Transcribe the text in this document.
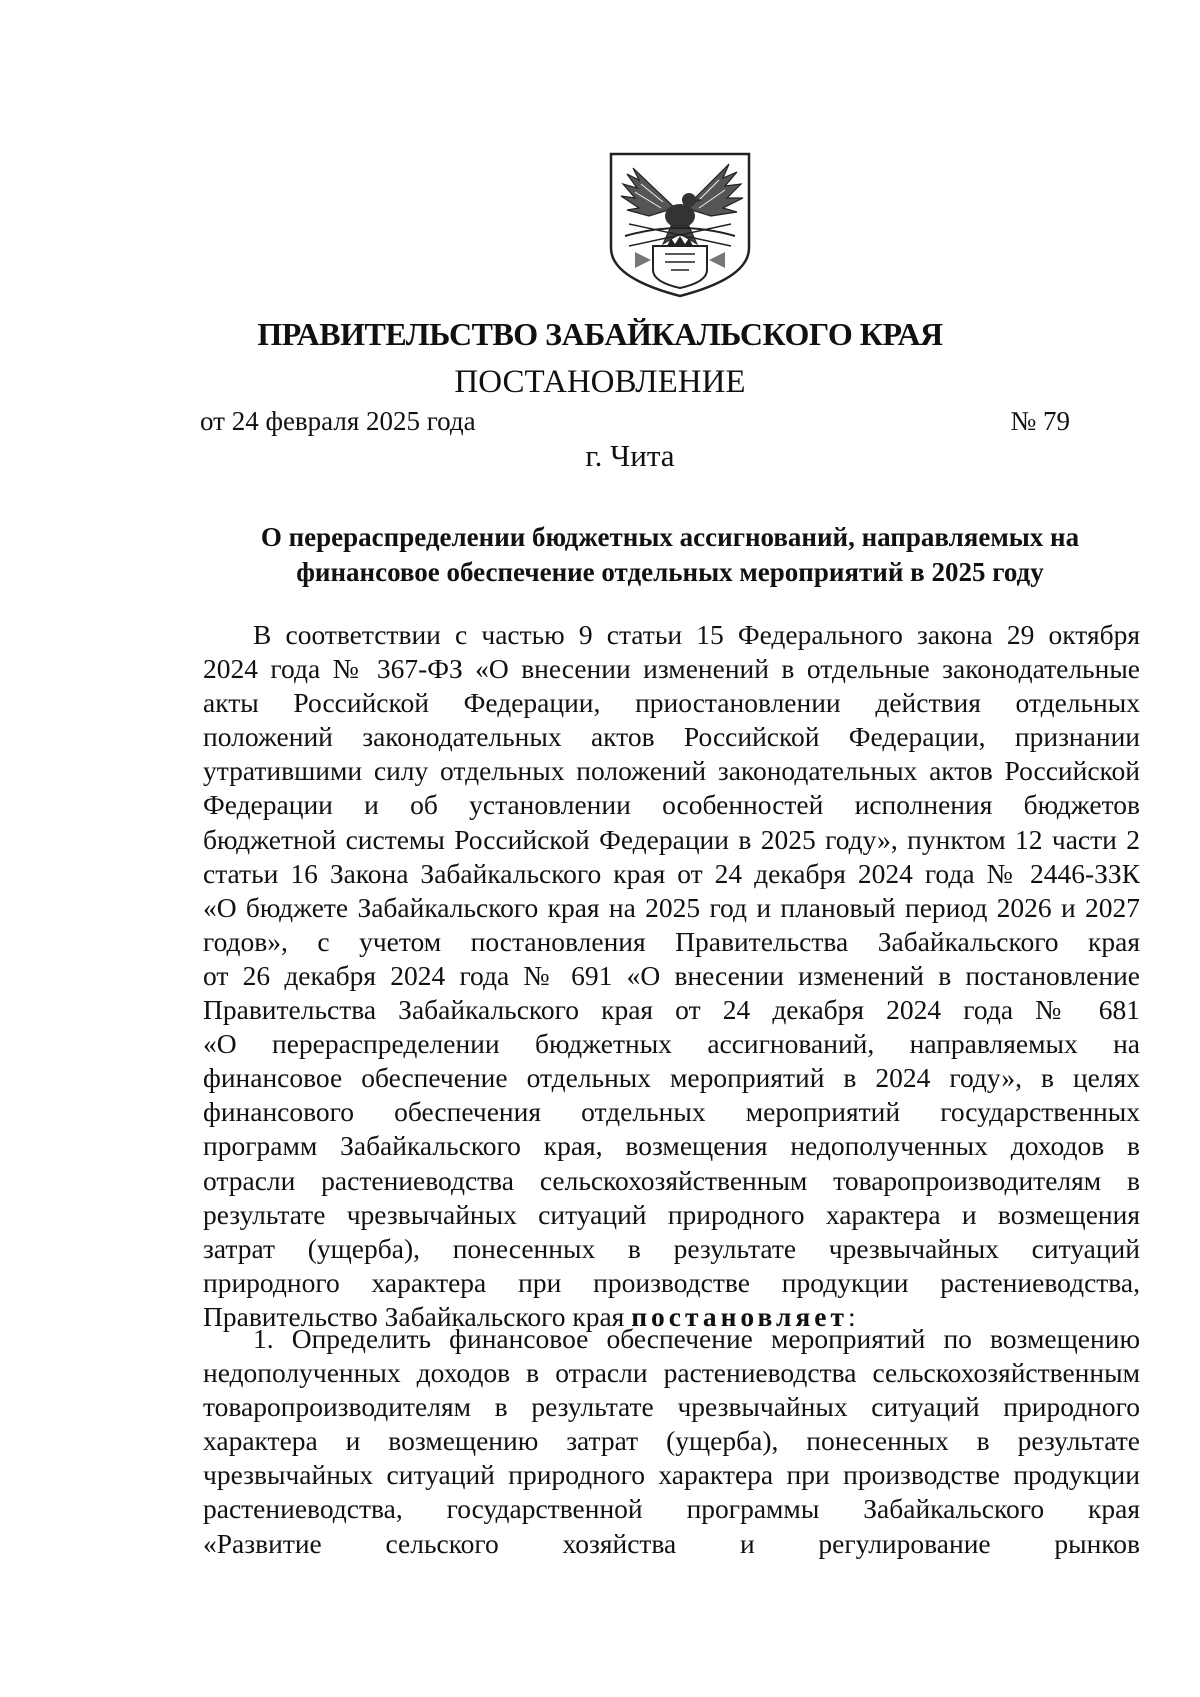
ПРАВИТЕЛЬСТВО ЗАБАЙКАЛЬСКОГО КРАЯ
ПОСТАНОВЛЕНИЕ
от 24 февраля 2025 года	№ 79
г. Чита
О перераспределении бюджетных ассигнований, направляемых на
финансовое обеспечение отдельных мероприятий в 2025 году
В соответствии с частью 9 статьи 15 Федерального закона 29 октября
2024 года № 367-ФЗ «О внесении изменений в отдельные законодательные
акты Российской Федерации, приостановлении действия отдельных
положений законодательных актов Российской Федерации, признании
утратившими силу отдельных положений законодательных актов Российской
Федерации и об установлении особенностей исполнения бюджетов
бюджетной системы Российской Федерации в 2025 году», пунктом 12 части 2
статьи 16 Закона Забайкальского края от 24 декабря 2024 года № 2446-ЗЗК
«О бюджете Забайкальского края на 2025 год и плановый период 2026 и 2027
годов», с учетом постановления Правительства Забайкальского края
от 26 декабря 2024 года № 691 «О внесении изменений в постановление
Правительства Забайкальского края от 24 декабря 2024 года № 681
«О перераспределении бюджетных ассигнований, направляемых на
финансовое обеспечение отдельных мероприятий в 2024 году», в целях
финансового обеспечения отдельных мероприятий государственных
программ Забайкальского края, возмещения недополученных доходов в
отрасли растениеводства сельскохозяйственным товаропроизводителям в
результате чрезвычайных ситуаций природного характера и возмещения
затрат (ущерба), понесенных в результате чрезвычайных ситуаций
природного характера при производстве продукции растениеводства,
Правительство Забайкальского края постановляет:
1. Определить финансовое обеспечение мероприятий по возмещению
недополученных доходов в отрасли растениеводства сельскохозяйственным
товаропроизводителям в результате чрезвычайных ситуаций природного
характера и возмещению затрат (ущерба), понесенных в результате
чрезвычайных ситуаций природного характера при производстве продукции
растениеводства, государственной программы Забайкальского края
«Развитие сельского хозяйства и регулирование рынков
